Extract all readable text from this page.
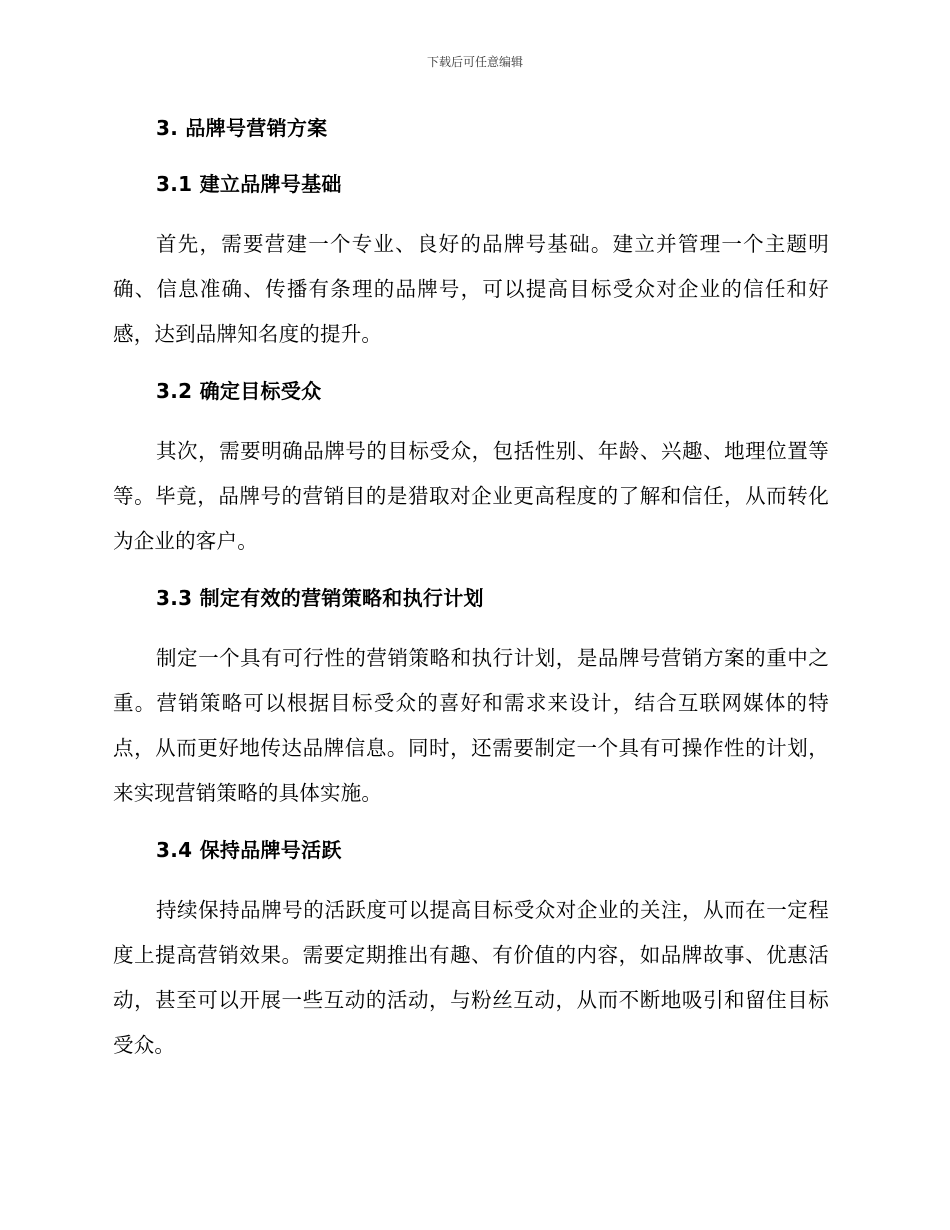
下载后可任意编辑
3. 品牌号营销方案
3.1 建立品牌号基础

首先，需要营建一个专业、良好的品牌号基础。建立并管理一个主题明确、信息准确、传播有条理的品牌号，可以提高目标受众对企业的信任和好感，达到品牌知名度的提升。

3.2 确定目标受众

其次，需要明确品牌号的目标受众，包括性别、年龄、兴趣、地理位置等等。毕竟，品牌号的营销目的是猎取对企业更高程度的了解和信任，从而转化为企业的客户。

3.3 制定有效的营销策略和执行计划

制定一个具有可行性的营销策略和执行计划，是品牌号营销方案的重中之重。营销策略可以根据目标受众的喜好和需求来设计，结合互联网媒体的特点，从而更好地传达品牌信息。同时，还需要制定一个具有可操作性的计划，来实现营销策略的具体实施。

3.4 保持品牌号活跃

持续保持品牌号的活跃度可以提高目标受众对企业的关注，从而在一定程度上提高营销效果。需要定期推出有趣、有价值的内容，如品牌故事、优惠活动，甚至可以开展一些互动的活动，与粉丝互动，从而不断地吸引和留住目标受众。
